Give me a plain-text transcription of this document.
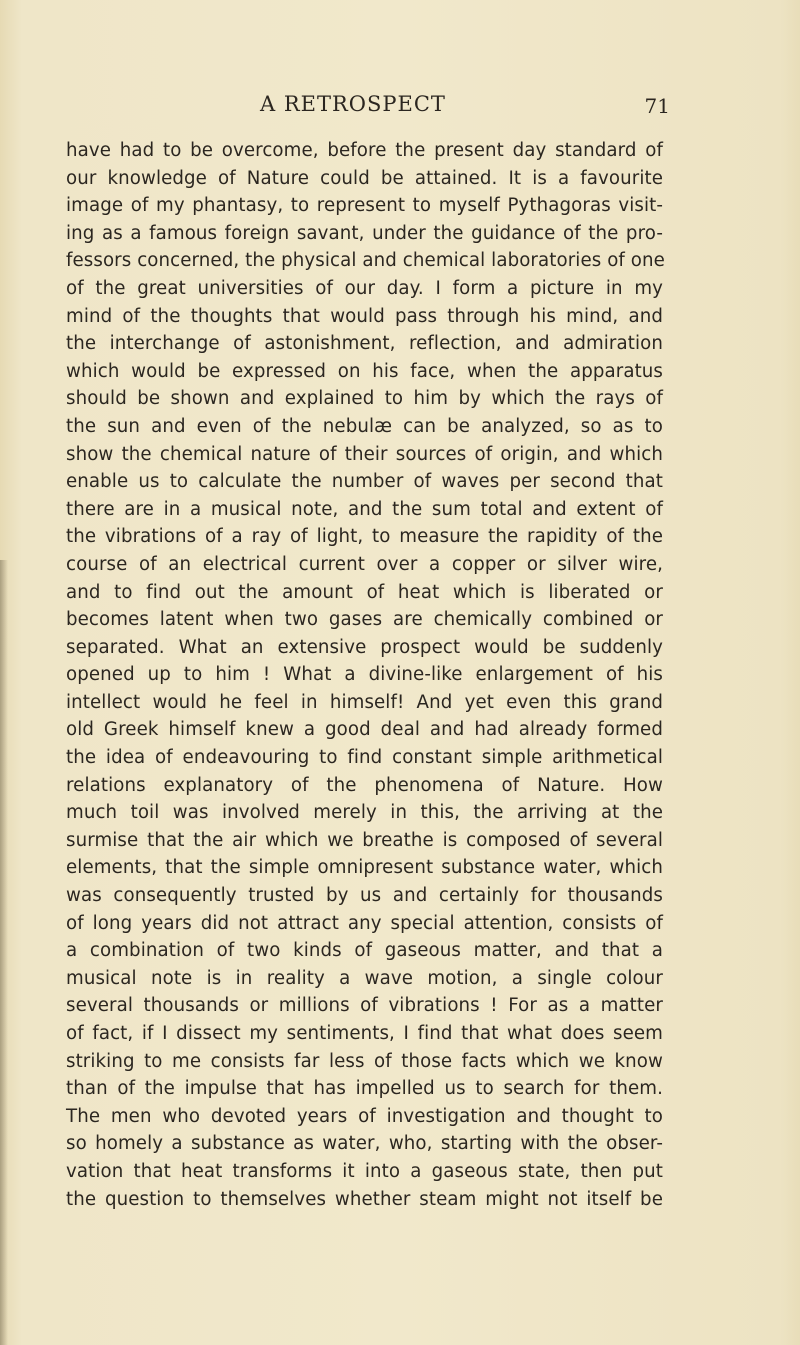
A RETROSPECT	71
have had to be overcome, before the present day standard of
our knowledge of Nature could be attained. It is a favourite
image of my phantasy, to represent to myself Pythagoras visit-
ing as a famous foreign savant, under the guidance of the pro-
fessors concerned, the physical and chemical laboratories of one
of the great universities of our day. I form a picture in my
mind of the thoughts that would pass through his mind, and
the interchange of astonishment, reflection, and admiration
which would be expressed on his face, when the apparatus
should be shown and explained to him by which the rays of
the sun and even of the nebulæ can be analyzed, so as to
show the chemical nature of their sources of origin, and which
enable us to calculate the number of waves per second that
there are in a musical note, and the sum total and extent of
the vibrations of a ray of light, to measure the rapidity of the
course of an electrical current over a copper or silver wire,
and to find out the amount of heat which is liberated or
becomes latent when two gases are chemically combined or
separated. What an extensive prospect would be suddenly
opened up to him ! What a divine-like enlargement of his
intellect would he feel in himself! And yet even this grand
old Greek himself knew a good deal and had already formed
the idea of endeavouring to find constant simple arithmetical
relations explanatory of the phenomena of Nature. How
much toil was involved merely in this, the arriving at the
surmise that the air which we breathe is composed of several
elements, that the simple omnipresent substance water, which
was consequently trusted by us and certainly for thousands
of long years did not attract any special attention, consists of
a combination of two kinds of gaseous matter, and that a
musical note is in reality a wave motion, a single colour
several thousands or millions of vibrations ! For as a matter
of fact, if I dissect my sentiments, I find that what does seem
striking to me consists far less of those facts which we know
than of the impulse that has impelled us to search for them.
The men who devoted years of investigation and thought to
so homely a substance as water, who, starting with the obser-
vation that heat transforms it into a gaseous state, then put
the question to themselves whether steam might not itself be
